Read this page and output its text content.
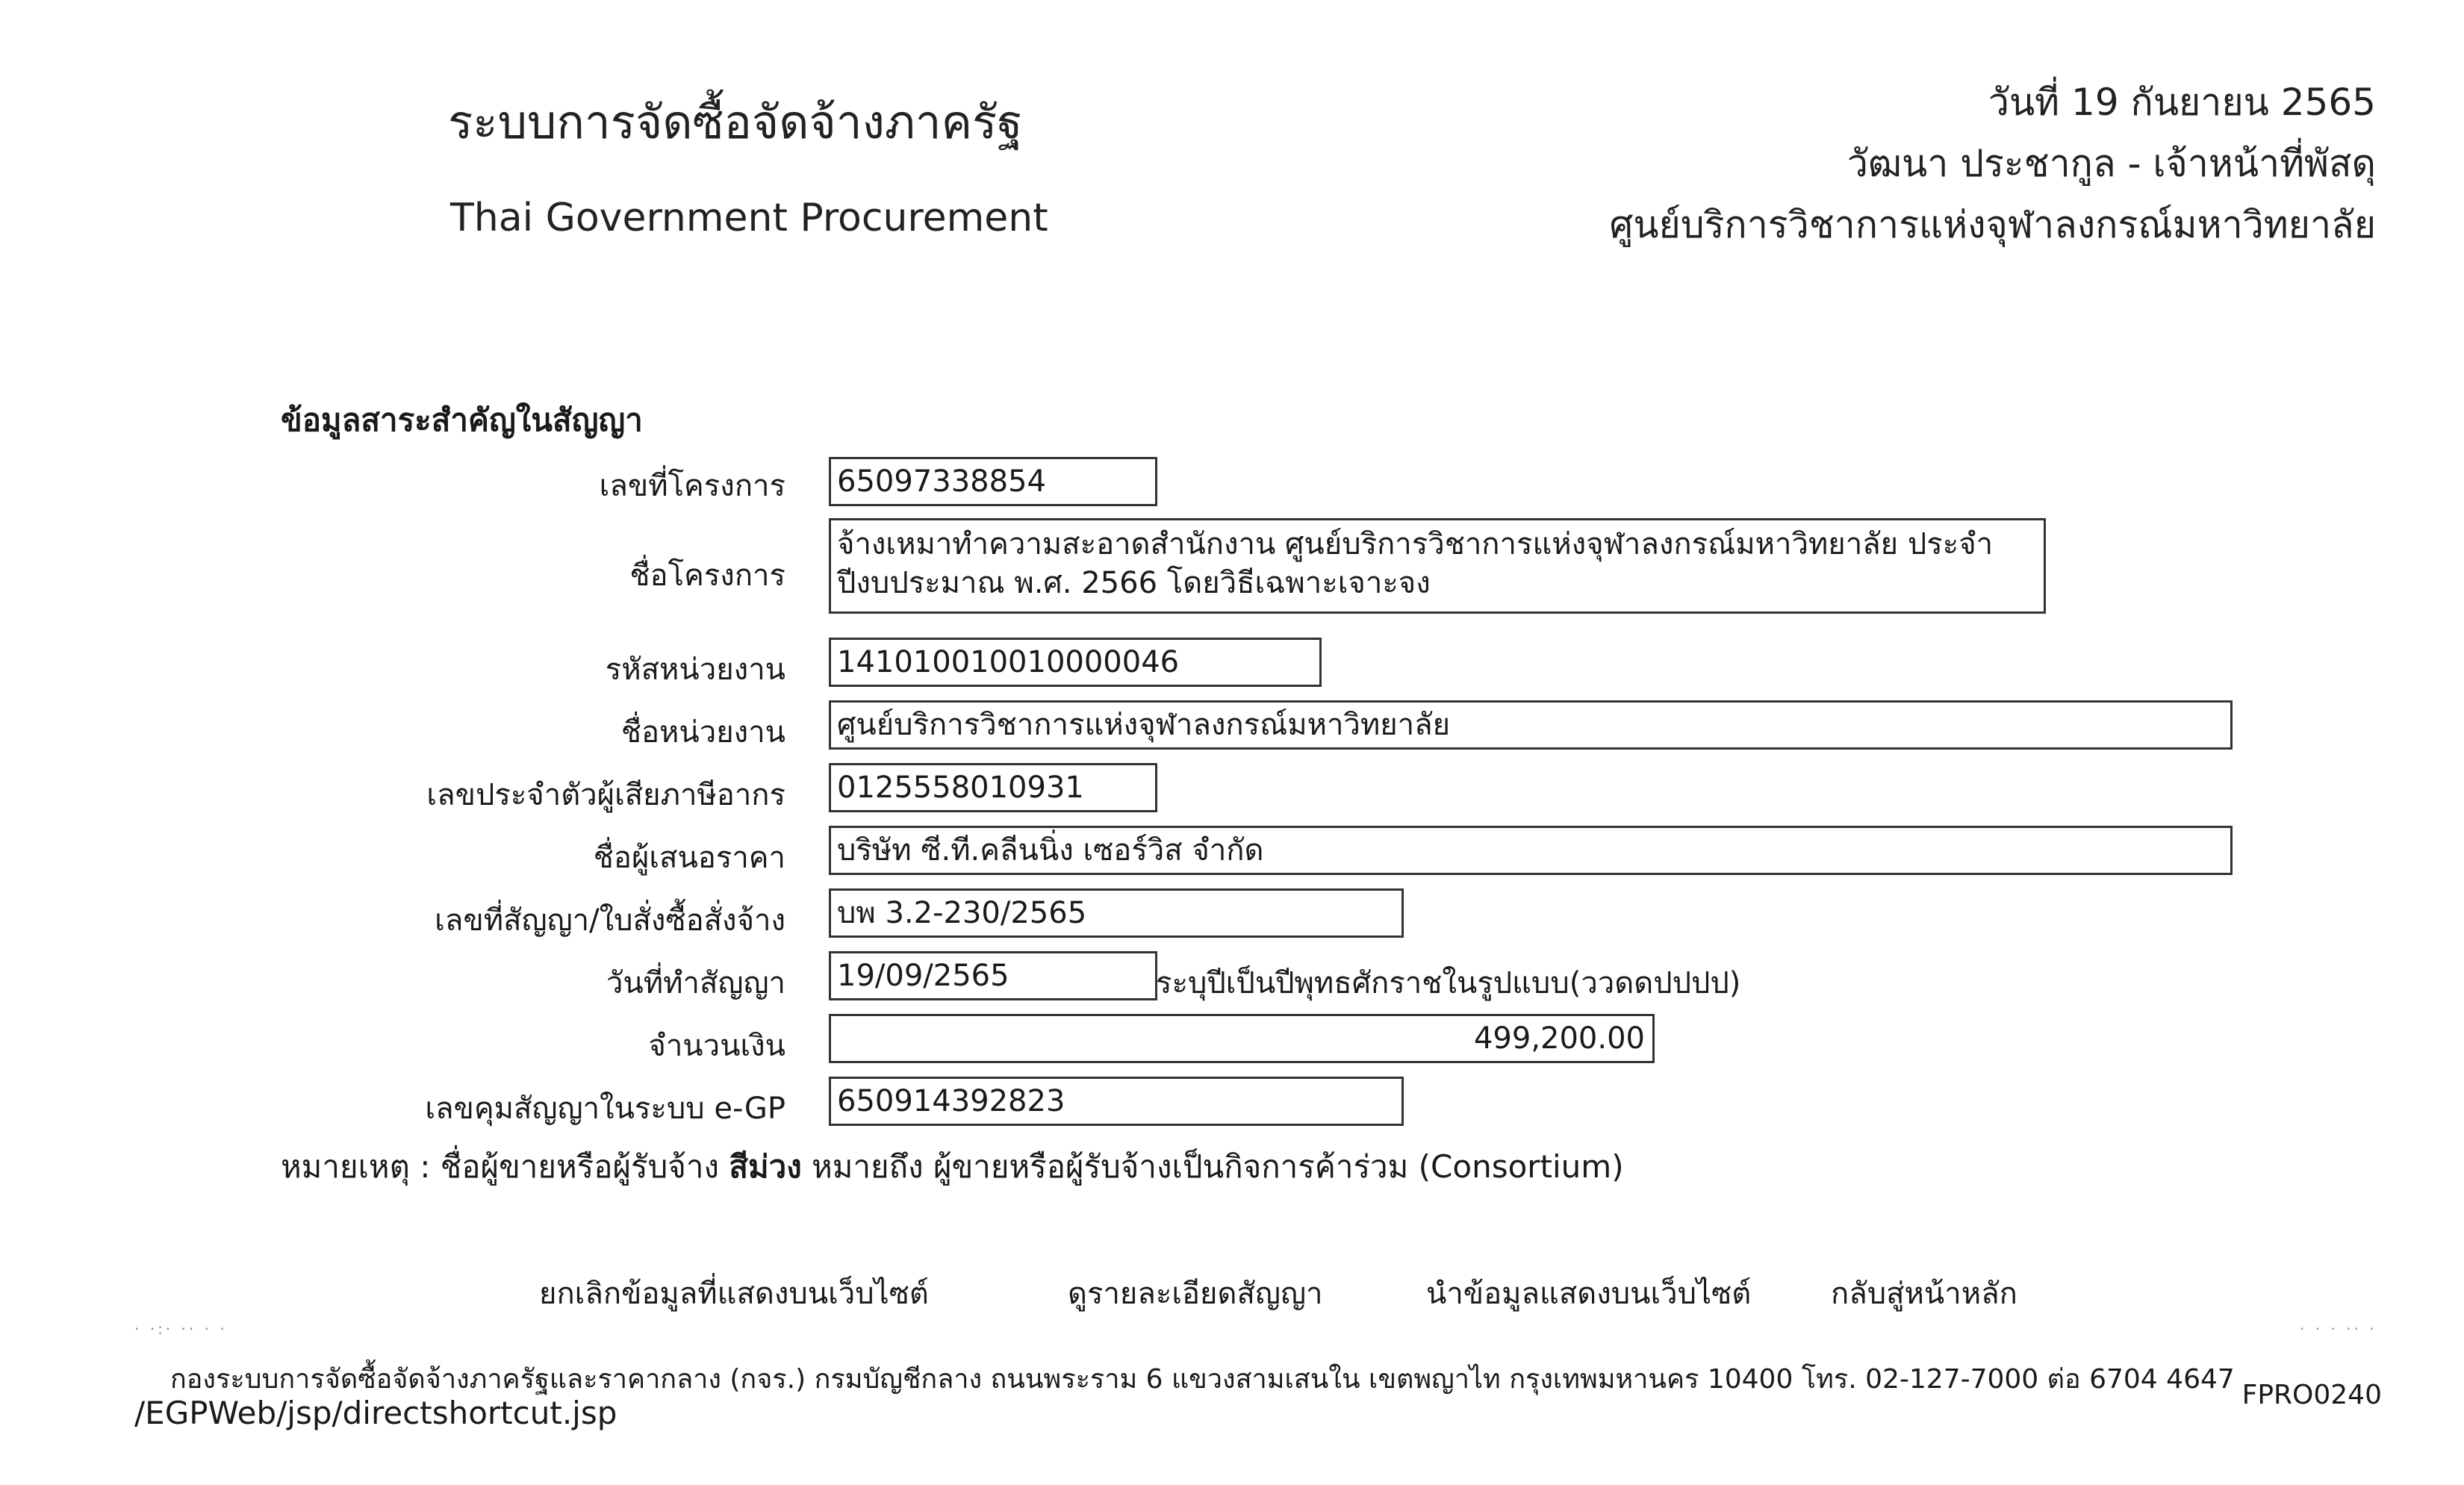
ระบบการจัดซื้อจัดจ้างภาครัฐ
Thai Government Procurement
วันที่ 19 กันยายน 2565
วัฒนา ประชากูล - เจ้าหน้าที่พัสดุ
ศูนย์บริการวิชาการแห่งจุฬาลงกรณ์มหาวิทยาลัย
ข้อมูลสาระสำคัญในสัญญา
เลขที่โครงการ 65097338854
ชื่อโครงการ
จ้างเหมาทำความสะอาดสำนักงาน ศูนย์บริการวิชาการแห่งจุฬาลงกรณ์มหาวิทยาลัย ประจำปีงบประมาณ พ.ศ. 2566 โดยวิธีเฉพาะเจาะจง
รหัสหน่วยงาน 141010010010000046
ชื่อหน่วยงาน ศูนย์บริการวิชาการแห่งจุฬาลงกรณ์มหาวิทยาลัย
เลขประจำตัวผู้เสียภาษีอากร 0125558010931
ชื่อผู้เสนอราคา บริษัท ซี.ที.คลีนนิ่ง เซอร์วิส จำกัด
เลขที่สัญญา/ใบสั่งซื้อสั่งจ้าง บพ 3.2-230/2565
วันที่ทำสัญญา 19/09/2565	ระบุปีเป็นปีพุทธศักราชในรูปแบบ(ววดดปปปป)
จำนวนเงิน	499,200.00
เลขคุมสัญญาในระบบ e-GP 650914392823
หมายเหตุ : ชื่อผู้ขายหรือผู้รับจ้าง สีม่วง หมายถึง ผู้ขายหรือผู้รับจ้างเป็นกิจการค้าร่วม (Consortium)
ยกเลิกข้อมูลที่แสดงบนเว็บไซต์	ดูรายละเอียดสัญญา	นำข้อมูลแสดงบนเว็บไซต์	กลับสู่หน้าหลัก
· ·:· ·· · ·	· · · ·· ·
กองระบบการจัดซื้อจัดจ้างภาครัฐและราคากลาง (กจร.) กรมบัญชีกลาง ถนนพระราม 6 แขวงสามเสนใน เขตพญาไท กรุงเทพมหานคร 10400 โทร. 02-127-7000 ต่อ 6704 4647
FPRO0240
/EGPWeb/jsp/directshortcut.jsp
